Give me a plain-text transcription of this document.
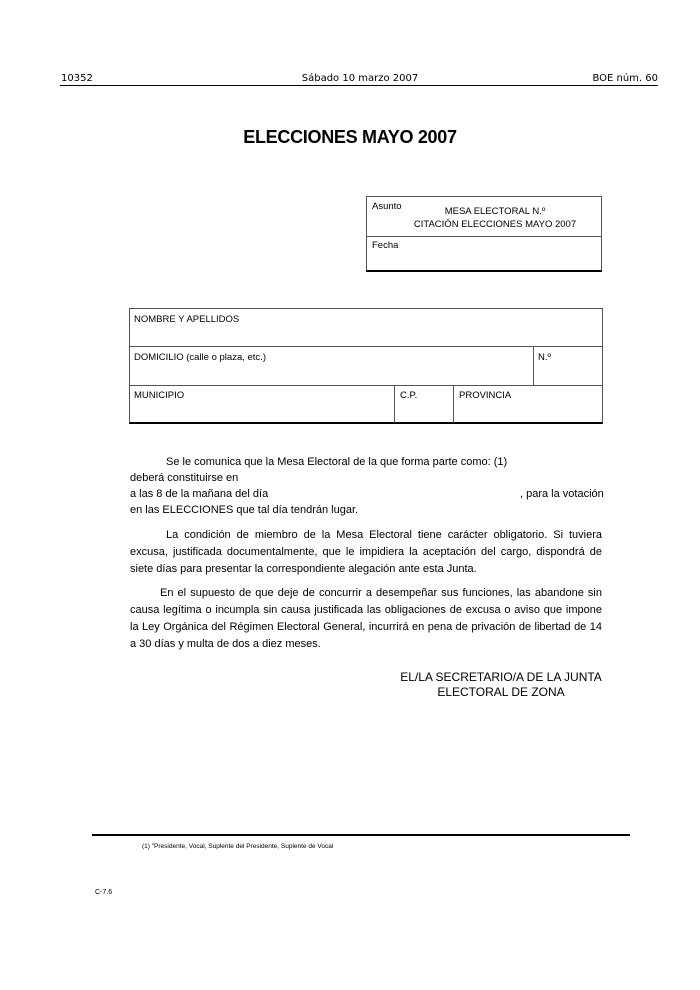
10352	Sábado 10 marzo 2007	BOE núm. 60
ELECCIONES MAYO 2007
Asunto	MESA ELECTORAL N.º
CITACIÓN ELECCIONES MAYO 2007
Fecha
NOMBRE Y APELLIDOS
DOMICILIO (calle o plaza, etc.)	N.º
MUNICIPIO	C.P.	PROVINCIA
Se le comunica que la Mesa Electoral de la que forma parte como: (1)
deberá constituirse en
a las 8 de la mañana del día	, para la votación
en las ELECCIONES que tal día tendrán lugar.
La condición de miembro de la Mesa Electoral tiene carácter obligatorio. Si tuviera excusa, justificada documentalmente, que le impidiera la aceptación del cargo, dispondrá de siete días para presentar la correspondiente alegación ante esta Junta.
En el supuesto de que deje de concurrir a desempeñar sus funciones, las abandone sin causa legítima o incumpla sin causa justificada las obligaciones de excusa o aviso que impone la Ley Orgánica del Régimen Electoral General, incurrirá en pena de privación de libertad de 14 a 30 días y multa de dos a diez meses.
EL/LA SECRETARIO/A DE LA JUNTA
ELECTORAL DE ZONA
(1) "Presidente, Vocal, Suplente del Presidente, Suplente de Vocal
C-7.6
